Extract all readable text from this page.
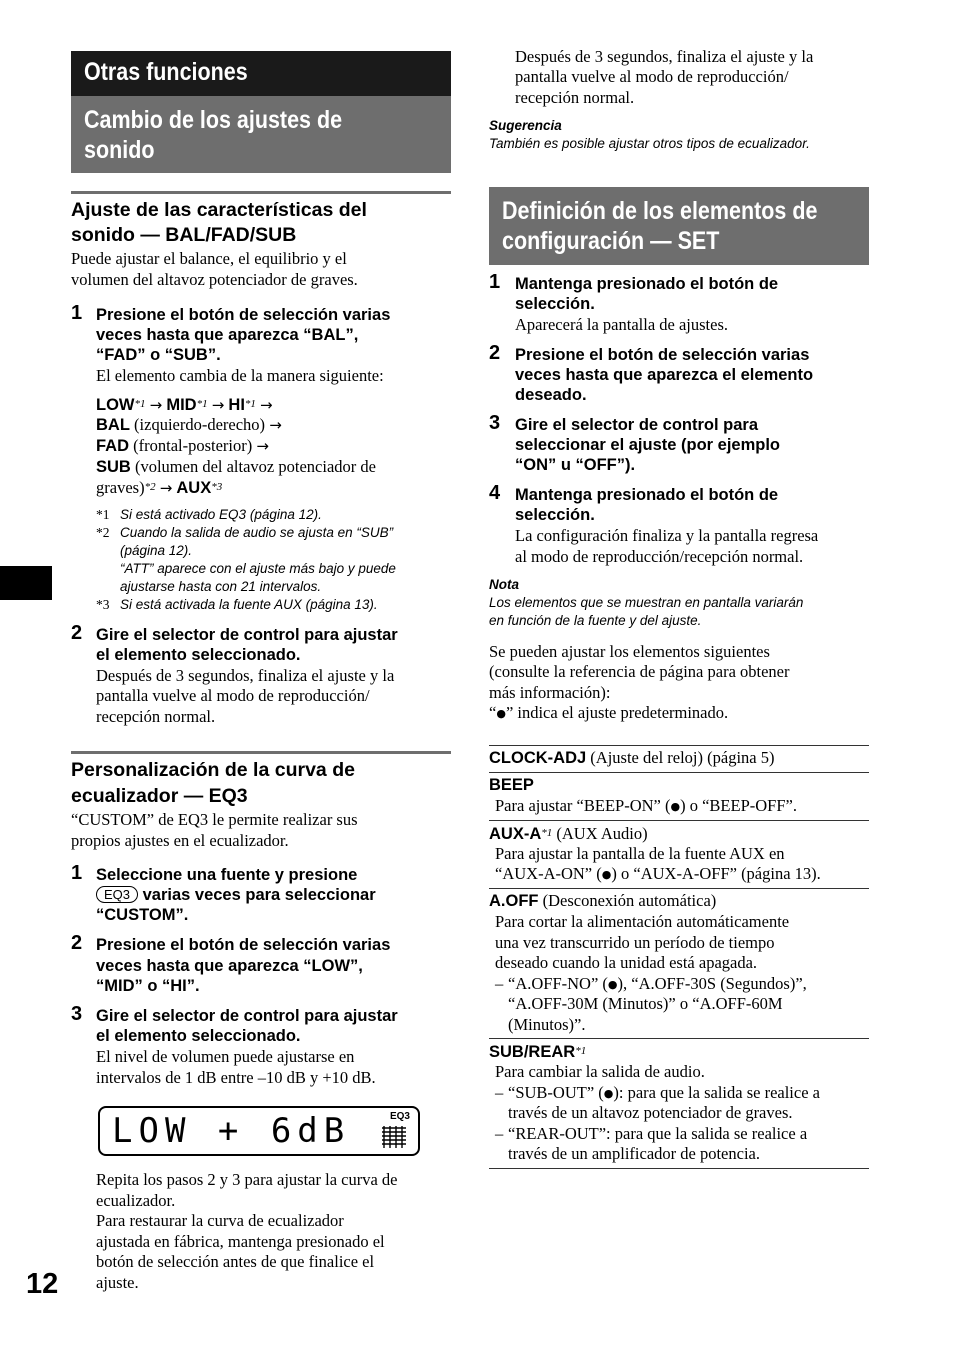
Otras funciones
Cambio de los ajustes de
sonido
Ajuste de las características del
sonido — BAL/FAD/SUB
Puede ajustar el balance, el equilibrio y el
volumen del altavoz potenciador de graves.
1 Presione el botón de selección varias
veces hasta que aparezca “BAL”,
“FAD” o “SUB”.
El elemento cambia de la manera siguiente:
$LOW^{*1} \to MID^{*1} \to HI^{*1}$ →
BAL (izquierdo-derecho) →
FAD (frontal-posterior) →
SUB (volumen del altavoz potenciador de
graves)$^{*2}$ → $AUX^{*3}$
*1 Si está activado EQ3 (página 12).
*2 Cuando la salida de audio se ajusta en “SUB”
(página 12).
“ATT” aparece con el ajuste más bajo y puede
ajustarse hasta con 21 intervalos.
*3 Si está activada la fuente AUX (página 13).
2 Gire el selector de control para ajustar
el elemento seleccionado.
Después de 3 segundos, finaliza el ajuste y la
pantalla vuelve al modo de reproducción/
recepción normal.
Personalización de la curva de
ecualizador — EQ3
“CUSTOM” de EQ3 le permite realizar sus
propios ajustes en el ecualizador.
1 Seleccione una fuente y presione
EQ3 varias veces para seleccionar
“CUSTOM”.
2 Presione el botón de selección varias
veces hasta que aparezca “LOW”,
“MID” o “HI”.
3 Gire el selector de control para ajustar
el elemento seleccionado.
El nivel de volumen puede ajustarse en
intervalos de 1 dB entre –10 dB y +10 dB.
LOW + 6dB	EQ3
Repita los pasos 2 y 3 para ajustar la curva de
ecualizador.
Para restaurar la curva de ecualizador
ajustada en fábrica, mantenga presionado el
botón de selección antes de que finalice el
ajuste.
12
Después de 3 segundos, finaliza el ajuste y la
pantalla vuelve al modo de reproducción/
recepción normal.
Sugerencia
También es posible ajustar otros tipos de ecualizador.
Definición de los elementos de
configuración — SET
1 Mantenga presionado el botón de
selección.
Aparecerá la pantalla de ajustes.
2 Presione el botón de selección varias
veces hasta que aparezca el elemento
deseado.
3 Gire el selector de control para
seleccionar el ajuste (por ejemplo
“ON” u “OFF”).
4 Mantenga presionado el botón de
selección.
La configuración finaliza y la pantalla regresa
al modo de reproducción/recepción normal.
Nota
Los elementos que se muestran en pantalla variarán
en función de la fuente y del ajuste.
Se pueden ajustar los elementos siguientes
(consulte la referencia de página para obtener
más información):
“●” indica el ajuste predeterminado.
CLOCK-ADJ (Ajuste del reloj) (página 5)
BEEP
Para ajustar “BEEP-ON” (●) o “BEEP-OFF”.
AUX-$A^{*1}$ (AUX Audio)
Para ajustar la pantalla de la fuente AUX en
“AUX-A-ON” (●) o “AUX-A-OFF” (página 13).
A.OFF (Desconexión automática)
Para cortar la alimentación automáticamente
una vez transcurrido un período de tiempo
deseado cuando la unidad está apagada.
– “A.OFF-NO” (●), “A.OFF-30S (Segundos)”,
“A.OFF-30M (Minutos)” o “A.OFF-60M
(Minutos)”.
SUB/REAR$^{*1}$
Para cambiar la salida de audio.
– “SUB-OUT” (●): para que la salida se realice a
través de un altavoz potenciador de graves.
– “REAR-OUT”: para que la salida se realice a
través de un amplificador de potencia.
